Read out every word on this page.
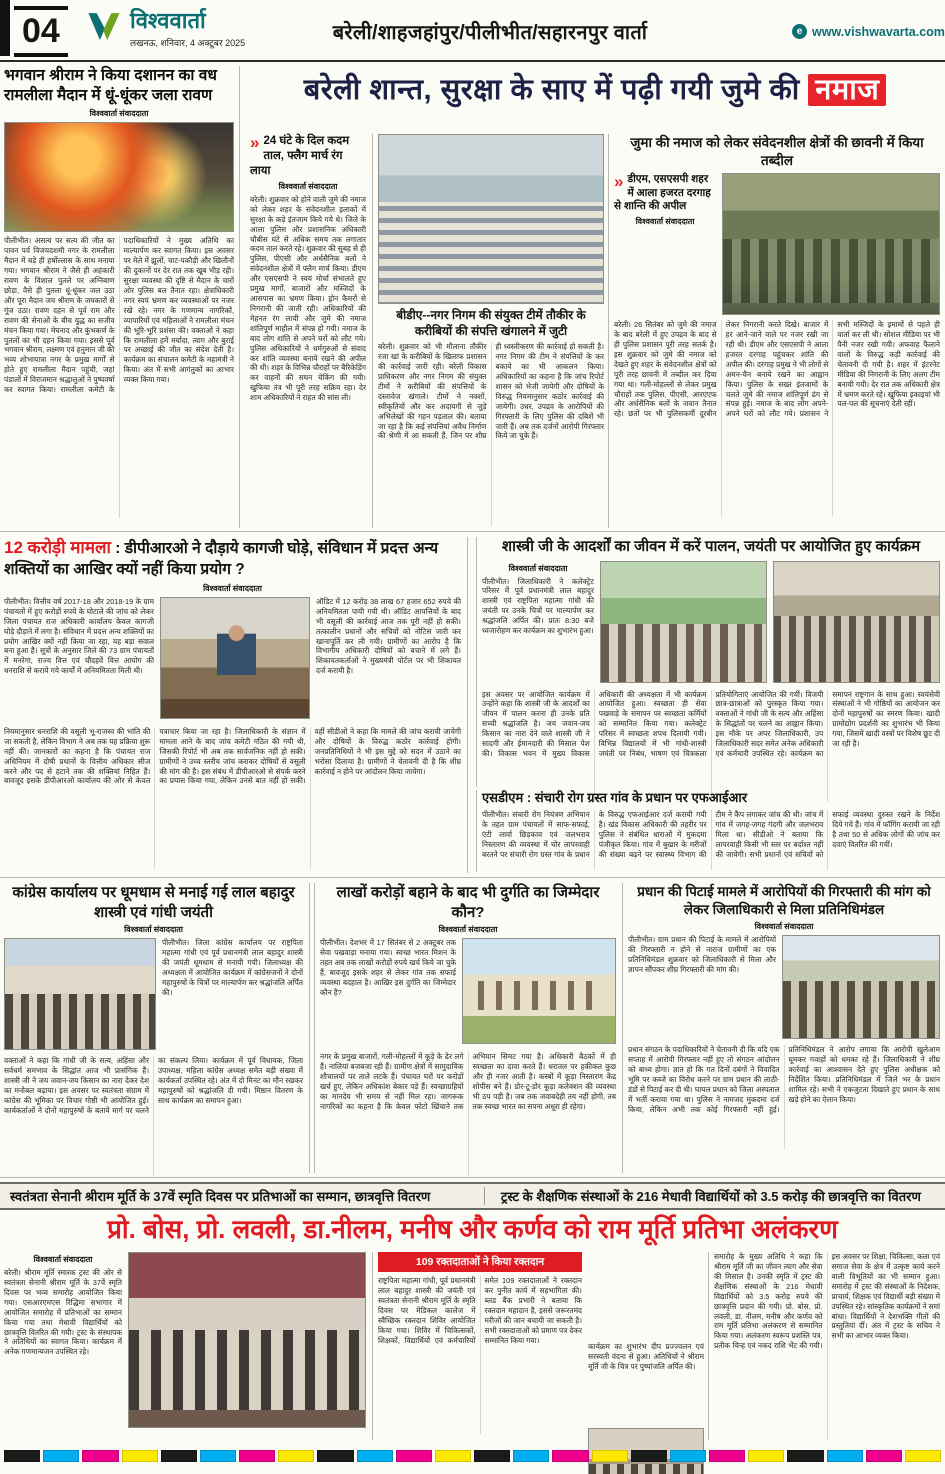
04	विश्ववार्ता
लखनऊ, शनिवार, 4 अक्टूबर 2025	बरेली/शाहजहांपुर/पीलीभीत/सहारनपुर वार्ता	e www.vishwavarta.com
भगवान श्रीराम ने किया दशानन का वध रामलीला मैदान में धूं-धूंकर जला रावण
विश्ववार्ता संवाददाता
पीलीभीत। असत्य पर सत्य की जीत का पावन पर्व विजयदशमी नगर के रामलीला मैदान में बड़े ही हर्षोल्लास के साथ मनाया गया। भगवान श्रीराम ने जैसे ही अहंकारी रावण के विशाल पुतले पर अग्निबाण छोड़ा, वैसे ही पुतला धूं-धूंकर जल उठा और पूरा मैदान जय श्रीराम के जयकारों से गूंज उठा। रावण दहन से पूर्व राम और रावण की सेनाओं के बीच युद्ध का सजीव मंचन किया गया। मेघनाद और कुंभकर्ण के पुतलों का भी दहन किया गया। इससे पूर्व भगवान श्रीराम, लक्ष्मण एवं हनुमान जी की भव्य शोभायात्रा नगर के प्रमुख मार्गों से होते हुए रामलीला मैदान पहुंची, जहां पंडालों में विराजमान श्रद्धालुओं ने पुष्पवर्षा कर स्वागत किया। रामलीला कमेटी के पदाधिकारियों ने मुख्य अतिथि का माल्यार्पण कर स्वागत किया। इस अवसर पर मेले में झूलों, चाट-पकौड़ी और खिलौनों की दुकानों पर देर रात तक खूब भीड़ रही। सुरक्षा व्यवस्था की दृष्टि से मैदान के चारों ओर पुलिस बल तैनात रहा। क्षेत्राधिकारी नगर स्वयं भ्रमण कर व्यवस्थाओं पर नजर रखे रहे। नगर के गणमान्य नागरिकों, व्यापारियों एवं महिलाओं ने रामलीला मंचन की भूरि-भूरि प्रशंसा की। वक्ताओं ने कहा कि रामलीला हमें मर्यादा, त्याग और बुराई पर अच्छाई की जीत का संदेश देती है। कार्यक्रम का संचालन कमेटी के महामंत्री ने किया। अंत में सभी आगंतुकों का आभार व्यक्त किया गया।
बरेली शान्त, सुरक्षा के साए में पढ़ी गयी जुमे की नमाज
» 24 घंटे के दिल कदम ताल, फ्लैग मार्च रंग लाया
विश्ववार्ता संवाददाता
बरेली। शुक्रवार को होने वाली जुमे की नमाज को लेकर शहर के संवेदनशील इलाकों में सुरक्षा के कड़े इंतजाम किये गये थे। जिले के आला पुलिस और प्रशासनिक अधिकारी चौबीस घंटे से अधिक समय तक लगातार कदम ताल करते रहे। शुक्रवार की सुबह से ही पुलिस, पीएसी और अर्धसैनिक बलों ने संवेदनशील क्षेत्रों में फ्लैग मार्च किया। डीएम और एसएसपी ने स्वयं मोर्चा संभालते हुए प्रमुख मार्गों, बाजारों और मस्जिदों के आसपास का भ्रमण किया। ड्रोन कैमरों से निगरानी की जाती रही। अधिकारियों की मेहनत रंग लायी और जुमे की नमाज शांतिपूर्ण माहौल में संपन्न हो गयी। नमाज के बाद लोग शांति से अपने घरों को लौट गये। पुलिस अधिकारियों ने धर्मगुरुओं से संवाद कर शांति व्यवस्था बनाये रखने की अपील की थी। शहर के विभिन्न चौराहों पर बैरिकेडिंग कर वाहनों की सघन चेकिंग की गयी। खुफिया तंत्र भी पूरी तरह सक्रिय रहा। देर शाम अधिकारियों ने राहत की सांस ली।
बीडीए--नगर निगम की संयुक्त टीमें तौकीर के करीबियों की संपत्ति खंगालने में जुटी
बरेली। शुक्रवार को भी मौलाना तौकीर रजा खां के करीबियों के खिलाफ प्रशासन की कार्रवाई जारी रही। बरेली विकास प्राधिकरण और नगर निगम की संयुक्त टीमों ने करीबियों की संपत्तियों के दस्तावेज खंगाले। टीमों ने नक्शों, स्वीकृतियों और कर अदायगी से जुड़े अभिलेखों की गहन पड़ताल की। बताया जा रहा है कि कई संपत्तियां अवैध निर्माण की श्रेणी में आ सकती हैं, जिन पर शीघ्र ही ध्वस्तीकरण की कार्रवाई हो सकती है। नगर निगम की टीम ने संपत्तियों के कर बकाये का भी आकलन किया। अधिकारियों का कहना है कि जांच रिपोर्ट शासन को भेजी जायेगी और दोषियों के विरुद्ध नियमानुसार कठोर कार्रवाई की जायेगी। उधर, उपद्रव के आरोपियों की गिरफ्तारी के लिए पुलिस की दबिशें भी जारी हैं। अब तक दर्जनों आरोपी गिरफ्तार किये जा चुके हैं।
जुमा की नमाज को लेकर संवेदनशील क्षेत्रों की छावनी में किया तब्दील
» डीएम, एसएसपी शहर में आला हजरत दरगाह से शान्ति की अपील
विश्ववार्ता संवाददाता
बरेली। 26 सितंबर को जुमे की नमाज के बाद बरेली में हुए उपद्रव के बाद से ही पुलिस प्रशासन पूरी तरह सतर्क है। इस शुक्रवार को जुमे की नमाज को देखते हुए शहर के संवेदनशील क्षेत्रों को पूरी तरह छावनी में तब्दील कर दिया गया था। गली-मोहल्लों से लेकर प्रमुख चौराहों तक पुलिस, पीएसी, आरएएफ और अर्धसैनिक बलों के जवान तैनात रहे। छतों पर भी पुलिसकर्मी दूरबीन लेकर निगरानी करते दिखे। बाजार में हर आने-जाने वाले पर नजर रखी जा रही थी। डीएम और एसएसपी ने आला हजरत दरगाह पहुंचकर शांति की अपील की। दरगाह प्रमुख ने भी लोगों से अमन-चैन बनाये रखने का आह्वान किया। पुलिस के सख्त इंतजामों के चलते जुमे की नमाज शांतिपूर्ण ढंग से संपन्न हुई। नमाज के बाद लोग अपने-अपने घरों को लौट गये। प्रशासन ने सभी मस्जिदों के इमामों से पहले ही वार्ता कर ली थी। सोशल मीडिया पर भी पैनी नजर रखी गयी। अफवाह फैलाने वालों के विरुद्ध कड़ी कार्रवाई की चेतावनी दी गयी है। शहर में इंटरनेट मीडिया की निगरानी के लिए अलग टीम बनायी गयी। देर रात तक अधिकारी क्षेत्र में भ्रमण करते रहे। खुफिया इकाइयां भी पल-पल की सूचनाएं देती रहीं।
12 करोड़ी मामला : डीपीआरओ ने दौड़ाये कागजी घोड़े, संविधान में प्रदत्त अन्य शक्तियों का आखिर क्यों नहीं किया प्रयोग ?
विश्ववार्ता संवाददाता
पीलीभीत। वित्तीय वर्ष 2017-18 और 2018-19 के ग्राम पंचायतों में हुए करोड़ों रुपये के घोटाले की जांच को लेकर जिला पंचायत राज अधिकारी कार्यालय केवल कागजी घोड़े दौड़ाने में लगा है। संविधान में प्रदत्त अन्य शक्तियों का प्रयोग आखिर क्यों नहीं किया जा रहा, यह बड़ा सवाल बना हुआ है। सूत्रों के अनुसार जिले की 73 ग्राम पंचायतों में मनरेगा, राज्य वित्त एवं चौदहवें वित्त आयोग की धनराशि से कराये गये कार्यों में अनियमितता मिली थी।
ऑडिट में 12 करोड़ 38 लाख 67 हजार 652 रुपये की अनियमितता पायी गयी थी। ऑडिट आपत्तियों के बाद भी वसूली की कार्रवाई आज तक पूरी नहीं हो सकी। तत्कालीन प्रधानों और सचिवों को नोटिस जारी कर खानापूर्ति कर ली गयी। ग्रामीणों का आरोप है कि विभागीय अधिकारी दोषियों को बचाने में लगे हैं। शिकायतकर्ताओं ने मुख्यमंत्री पोर्टल पर भी शिकायत दर्ज करायी है।
नियमानुसार धनराशि की वसूली भू-राजस्व की भांति की जा सकती है, लेकिन विभाग ने अब तक यह प्रक्रिया शुरू नहीं की। जानकारों का कहना है कि पंचायत राज अधिनियम में दोषी प्रधानों के वित्तीय अधिकार सीज करने और पद से हटाने तक की शक्तियां निहित हैं। बावजूद इसके डीपीआरओ कार्यालय की ओर से केवल पत्राचार किया जा रहा है। जिलाधिकारी के संज्ञान में मामला आने के बाद जांच कमेटी गठित की गयी थी, जिसकी रिपोर्ट भी अब तक सार्वजनिक नहीं हो सकी। ग्रामीणों ने उच्च स्तरीय जांच कराकर दोषियों से वसूली की मांग की है। इस संबंध में डीपीआरओ से संपर्क करने का प्रयास किया गया, लेकिन उनसे बात नहीं हो सकी। वहीं सीडीओ ने कहा कि मामले की जांच करायी जायेगी और दोषियों के विरुद्ध कठोर कार्रवाई होगी। जनप्रतिनिधियों ने भी इस मुद्दे को सदन में उठाने का भरोसा दिलाया है। ग्रामीणों ने चेतावनी दी है कि शीघ्र कार्रवाई न होने पर आंदोलन किया जायेगा।
शास्त्री जी के आदर्शों का जीवन में करें पालन, जयंती पर आयोजित हुए कार्यक्रम
विश्ववार्ता संवाददाता
पीलीभीत। जिलाधिकारी ने कलेक्ट्रेट परिसर में पूर्व प्रधानमंत्री लाल बहादुर शास्त्री एवं राष्ट्रपिता महात्मा गांधी की जयंती पर उनके चित्रों पर माल्यार्पण कर श्रद्धांजलि अर्पित की। प्रातः 8:30 बजे ध्वजारोहण कर कार्यक्रम का शुभारंभ हुआ।
इस अवसर पर आयोजित कार्यक्रम में उन्होंने कहा कि शास्त्री जी के आदर्शों का जीवन में पालन करना ही उनके प्रति सच्ची श्रद्धांजलि है। जय जवान-जय किसान का नारा देने वाले शास्त्री जी ने सादगी और ईमानदारी की मिसाल पेश की। विकास भवन में मुख्य विकास अधिकारी की अध्यक्षता में भी कार्यक्रम आयोजित हुआ। स्वच्छता ही सेवा पखवाड़े के समापन पर स्वच्छता कर्मियों को सम्मानित किया गया। कलेक्ट्रेट परिसर में स्वच्छता शपथ दिलायी गयी। विभिन्न विद्यालयों में भी गांधी-शास्त्री जयंती पर निबंध, भाषण एवं चित्रकला प्रतियोगिताएं आयोजित की गयीं। विजयी छात्र-छात्राओं को पुरस्कृत किया गया। वक्ताओं ने गांधी जी के सत्य और अहिंसा के सिद्धांतों पर चलने का आह्वान किया। इस मौके पर अपर जिलाधिकारी, उप जिलाधिकारी सदर समेत अनेक अधिकारी एवं कर्मचारी उपस्थित रहे। कार्यक्रम का समापन राष्ट्रगान के साथ हुआ। स्वयंसेवी संस्थाओं ने भी गोष्ठियों का आयोजन कर दोनों महापुरुषों का स्मरण किया। खादी ग्रामोद्योग प्रदर्शनी का शुभारंभ भी किया गया, जिसमें खादी वस्त्रों पर विशेष छूट दी जा रही है।
एसडीएम : संचारी रोग ग्रस्त गांव के प्रधान पर एफआईआर
पीलीभीत। संचारी रोग नियंत्रण अभियान के तहत ग्राम पंचायतों में साफ-सफाई, एंटी लार्वा छिड़काव एवं जलभराव निस्तारण की व्यवस्था में घोर लापरवाही बरतने पर संचारी रोग ग्रस्त गांव के प्रधान के विरुद्ध एफआईआर दर्ज करायी गयी है। खंड विकास अधिकारी की तहरीर पर पुलिस ने संबंधित धाराओं में मुकदमा पंजीकृत किया। गांव में बुखार के मरीजों की संख्या बढ़ने पर स्वास्थ्य विभाग की टीम ने कैंप लगाकर जांच की थी। जांच में गांव में जगह-जगह गंदगी और जलभराव मिला था। सीडीओ ने बताया कि लापरवाही किसी भी स्तर पर बर्दाश्त नहीं की जायेगी। सभी प्रधानों एवं सचिवों को सफाई व्यवस्था दुरुस्त रखने के निर्देश दिये गये हैं। गांव में फॉगिंग करायी जा रही है तथा 50 से अधिक लोगों की जांच कर दवाएं वितरित की गयीं।
कांग्रेस कार्यालय पर धूमधाम से मनाई गई लाल बहादुर शास्त्री एवं गांधी जयंती
विश्ववार्ता संवाददाता
पीलीभीत। जिला कांग्रेस कार्यालय पर राष्ट्रपिता महात्मा गांधी एवं पूर्व प्रधानमंत्री लाल बहादुर शास्त्री की जयंती धूमधाम से मनायी गयी। जिलाध्यक्ष की अध्यक्षता में आयोजित कार्यक्रम में कांग्रेसजनों ने दोनों महापुरुषों के चित्रों पर माल्यार्पण कर श्रद्धांजलि अर्पित की।
वक्ताओं ने कहा कि गांधी जी के सत्य, अहिंसा और सर्वधर्म समभाव के सिद्धांत आज भी प्रासंगिक हैं। शास्त्री जी ने जय जवान-जय किसान का नारा देकर देश का मनोबल बढ़ाया। इस अवसर पर स्वतंत्रता संग्राम में कांग्रेस की भूमिका पर विचार गोष्ठी भी आयोजित हुई। कार्यकर्ताओं ने दोनों महापुरुषों के बताये मार्ग पर चलने का संकल्प लिया। कार्यक्रम में पूर्व विधायक, जिला उपाध्यक्ष, महिला कांग्रेस अध्यक्ष समेत बड़ी संख्या में कार्यकर्ता उपस्थित रहे। अंत में दो मिनट का मौन रखकर महापुरुषों को श्रद्धांजलि दी गयी। मिष्ठान वितरण के साथ कार्यक्रम का समापन हुआ।
लाखों करोड़ों बहाने के बाद भी दुर्गति का जिम्मेदार कौन?
विश्ववार्ता संवाददाता
पीलीभीत। देशभर में 17 सितंबर से 2 अक्टूबर तक सेवा पखवाड़ा मनाया गया। स्वच्छ भारत मिशन के तहत अब तक लाखों करोड़ों रुपये खर्च किये जा चुके हैं, बावजूद इसके शहर से लेकर गांव तक सफाई व्यवस्था बदहाल है। आखिर इस दुर्गति का जिम्मेदार कौन है?
नगर के प्रमुख बाजारों, गली-मोहल्लों में कूड़े के ढेर लगे हैं। नालियां बजबजा रही हैं। ग्रामीण क्षेत्रों में सामुदायिक शौचालयों पर ताले लटके हैं। पंचायत घरों पर करोड़ों खर्च हुए, लेकिन अधिकांश बेकार पड़े हैं। स्वच्छाग्रहियों का मानदेय भी समय से नहीं मिल रहा। जागरूक नागरिकों का कहना है कि केवल फोटो खिंचाने तक अभियान सिमट गया है। अधिकारी बैठकों में ही स्वच्छता का दावा करते हैं। धरातल पर हकीकत कुछ और ही नजर आती है। कस्बों में कूड़ा निस्तारण केंद्र शोपीस बने हैं। डोर-टू-डोर कूड़ा कलेक्शन की व्यवस्था भी ठप पड़ी है। जब तक जवाबदेही तय नहीं होगी, तब तक स्वच्छ भारत का सपना अधूरा ही रहेगा।
प्रधान की पिटाई मामले में आरोपियों की गिरफ्तारी की मांग को लेकर जिलाधिकारी से मिला प्रतिनिधिमंडल
विश्ववार्ता संवाददाता
पीलीभीत। ग्राम प्रधान की पिटाई के मामले में आरोपियों की गिरफ्तारी न होने से नाराज ग्रामीणों का एक प्रतिनिधिमंडल शुक्रवार को जिलाधिकारी से मिला और ज्ञापन सौंपकर शीघ्र गिरफ्तारी की मांग की।
प्रधान संगठन के पदाधिकारियों ने चेतावनी दी कि यदि एक सप्ताह में आरोपी गिरफ्तार नहीं हुए तो संगठन आंदोलन को बाध्य होगा। ज्ञात हो कि गत दिनों दबंगों ने विवादित भूमि पर कब्जे का विरोध करने पर ग्राम प्रधान की लाठी-डंडों से पिटाई कर दी थी। घायल प्रधान को जिला अस्पताल में भर्ती कराया गया था। पुलिस ने नामजद मुकदमा दर्ज किया, लेकिन अभी तक कोई गिरफ्तारी नहीं हुई। प्रतिनिधिमंडल ने आरोप लगाया कि आरोपी खुलेआम घूमकर गवाहों को धमका रहे हैं। जिलाधिकारी ने शीघ्र कार्रवाई का आश्वासन देते हुए पुलिस अधीक्षक को निर्देशित किया। प्रतिनिधिमंडल में जिले भर के प्रधान शामिल रहे। सभी ने एकजुटता दिखाते हुए प्रधान के साथ खड़े होने का ऐलान किया।
स्वतंत्रता सेनानी श्रीराम मूर्ति के 37वें स्मृति दिवस पर प्रतिभाओं का सम्मान, छात्रवृत्ति वितरण	ट्रस्ट के शैक्षणिक संस्थाओं के 216 मेधावी विद्यार्थियों को 3.5 करोड़ की छात्रवृत्ति का वितरण
प्रो. बोस, प्रो. लवली, डा.नीलम, मनीष और कर्णव को राम मूर्ति प्रतिभा अलंकरण
विश्ववार्ता संवाददाता
बरेली। श्रीराम मूर्ति स्मारक ट्रस्ट की ओर से स्वतंत्रता सेनानी श्रीराम मूर्ति के 37वें स्मृति दिवस पर भव्य समारोह आयोजित किया गया। एसआरएमएस रिद्धिमा सभागार में आयोजित समारोह में प्रतिभाओं का सम्मान किया गया तथा मेधावी विद्यार्थियों को छात्रवृत्ति वितरित की गयी। ट्रस्ट के संस्थापक ने अतिथियों का स्वागत किया। कार्यक्रम में अनेक गणमान्यजन उपस्थित रहे।
109 रक्तदाताओं ने किया रक्तदान
राष्ट्रपिता महात्मा गांधी, पूर्व प्रधानमंत्री लाल बहादुर शास्त्री की जयंती एवं स्वतंत्रता सेनानी श्रीराम मूर्ति के स्मृति दिवस पर मेडिकल कालेज में स्वैच्छिक रक्तदान शिविर आयोजित किया गया। शिविर में चिकित्सकों, शिक्षकों, विद्यार्थियों एवं कर्मचारियों समेत 109 रक्तदाताओं ने रक्तदान कर पुनीत कार्य में सहभागिता की। ब्लड बैंक प्रभारी ने बताया कि रक्तदान महादान है, इससे जरूरतमंद मरीजों की जान बचायी जा सकती है। सभी रक्तदाताओं को प्रमाण पत्र देकर सम्मानित किया गया।
कार्यक्रम का शुभारंभ दीप प्रज्ज्वलन एवं सरस्वती वंदना से हुआ। अतिथियों ने श्रीराम मूर्ति जी के चित्र पर पुष्पांजलि अर्पित की।
समारोह के मुख्य अतिथि ने कहा कि श्रीराम मूर्ति जी का जीवन त्याग और सेवा की मिसाल है। उनकी स्मृति में ट्रस्ट की शैक्षणिक संस्थाओं के 216 मेधावी विद्यार्थियों को 3.5 करोड़ रुपये की छात्रवृत्ति प्रदान की गयी। प्रो. बोस, प्रो. लवली, डा. नीलम, मनीष और कर्णव को राम मूर्ति प्रतिभा अलंकरण से सम्मानित किया गया। अलंकरण स्वरूप प्रशस्ति पत्र, प्रतीक चिन्ह एवं नकद राशि भेंट की गयी। इस अवसर पर शिक्षा, चिकित्सा, कला एवं समाज सेवा के क्षेत्र में उत्कृष्ट कार्य करने वाली विभूतियों का भी सम्मान हुआ। समारोह में ट्रस्ट की संस्थाओं के निदेशक, प्राचार्य, शिक्षक एवं विद्यार्थी बड़ी संख्या में उपस्थित रहे। सांस्कृतिक कार्यक्रमों ने समां बांधा। विद्यार्थियों ने देशभक्ति गीतों की प्रस्तुतियां दीं। अंत में ट्रस्ट के सचिव ने सभी का आभार व्यक्त किया।
